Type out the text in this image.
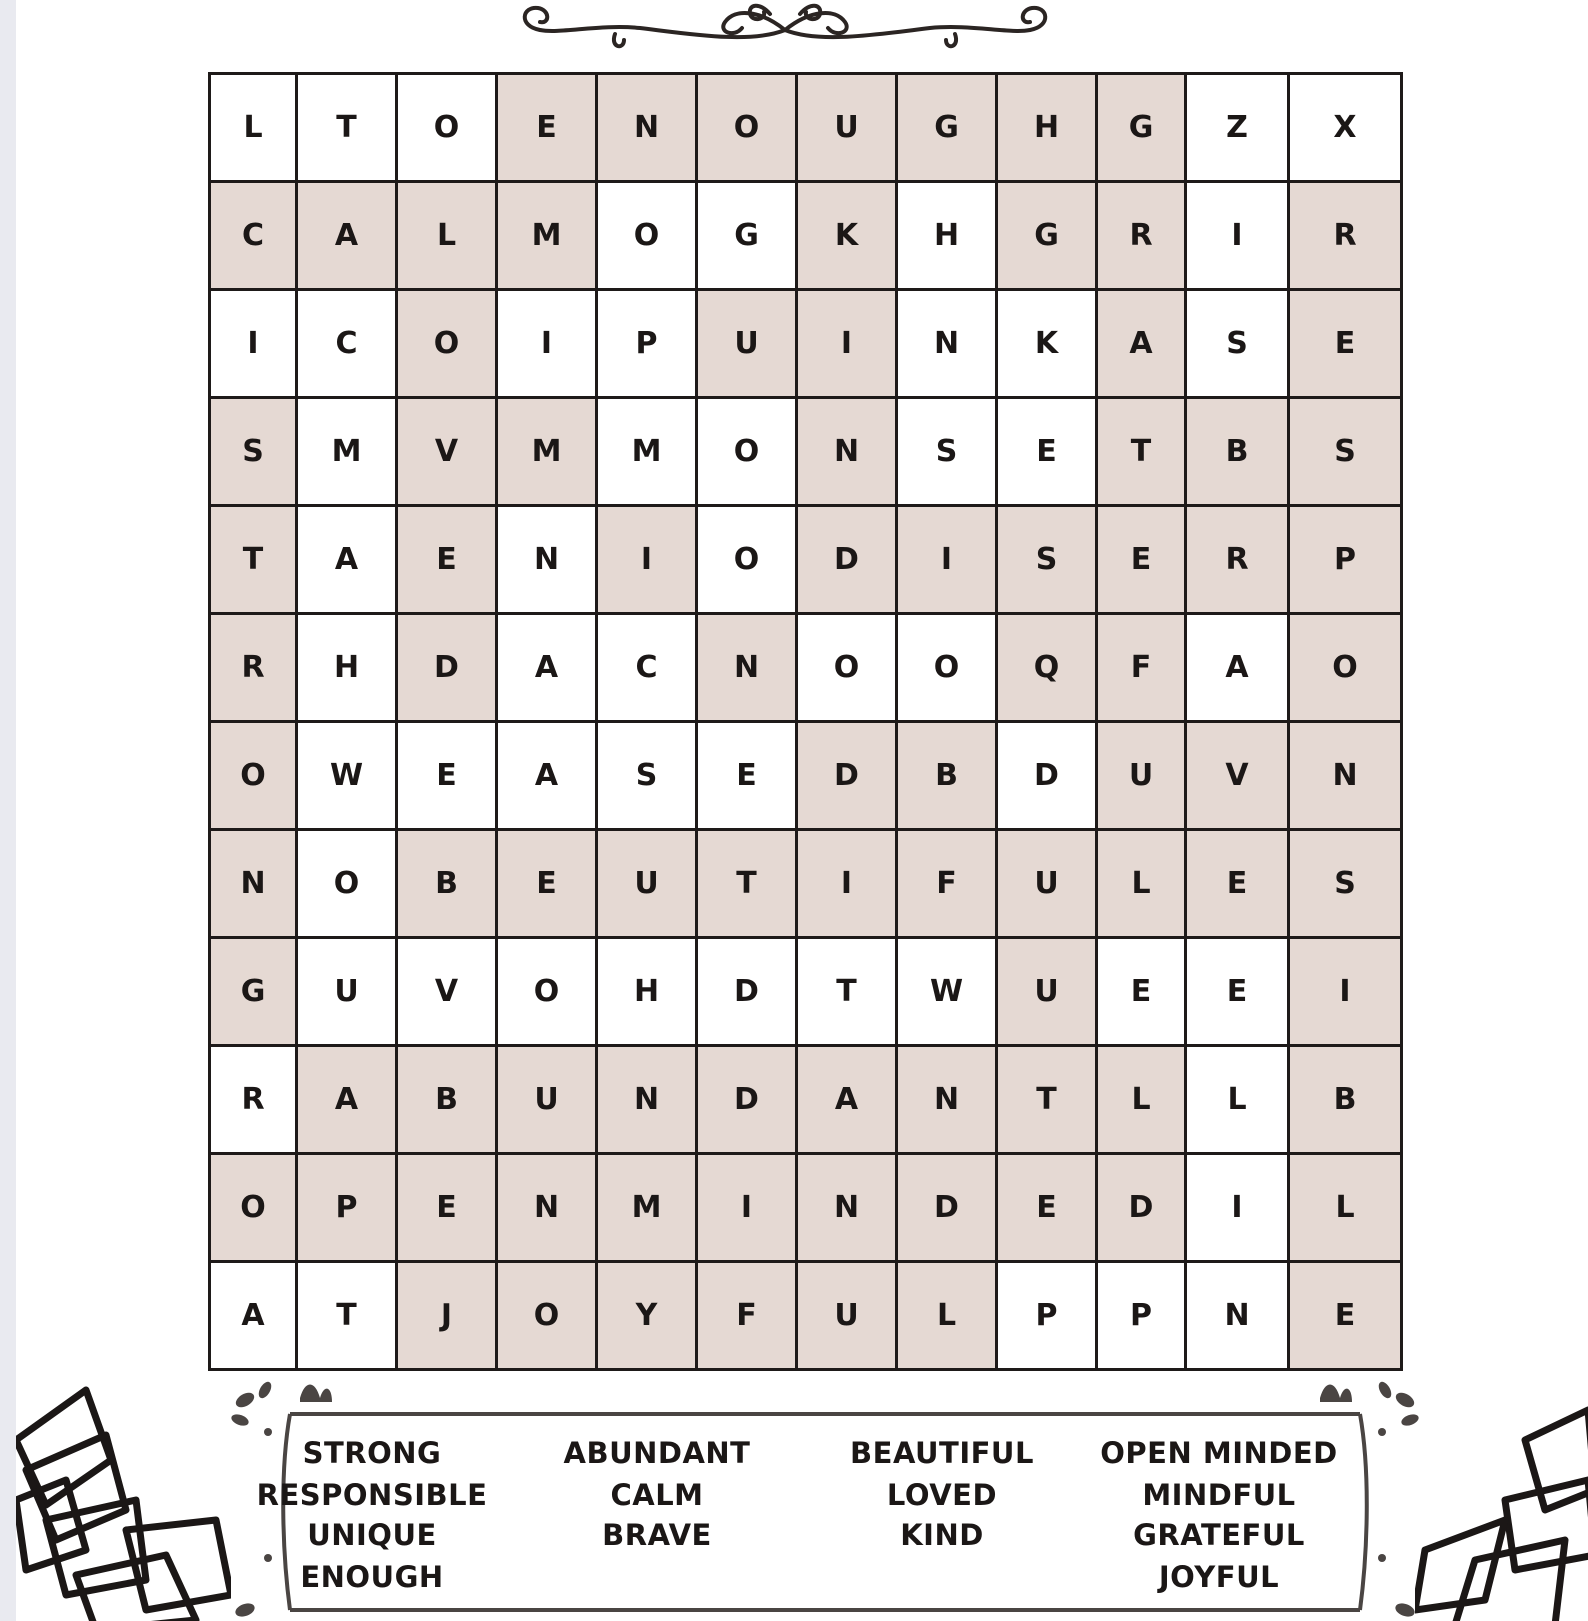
L	T	O	E	N	O	U	G	H	G	Z	X
C	A	L	M	O	G	K	H	G	R	I	R
I	C	O	I	P	U	I	N	K	A	S	E
S	M	V	M	M	O	N	S	E	T	B	S
T	A	E	N	I	O	D	I	S	E	R	P
R	H	D	A	C	N	O	O	Q	F	A	O
O	W	E	A	S	E	D	B	D	U	V	N
N	O	B	E	U	T	I	F	U	L	E	S
G	U	V	O	H	D	T	W	U	E	E	I
R	A	B	U	N	D	A	N	T	L	L	B
O	P	E	N	M	I	N	D	E	D	I	L
A	T	J	O	Y	F	U	L	P	P	N	E
STRONG
RESPONSIBLE
UNIQUE
ENOUGH
ABUNDANT
CALM
BRAVE
BEAUTIFUL
LOVED
KIND
OPEN MINDED
MINDFUL
GRATEFUL
JOYFUL
